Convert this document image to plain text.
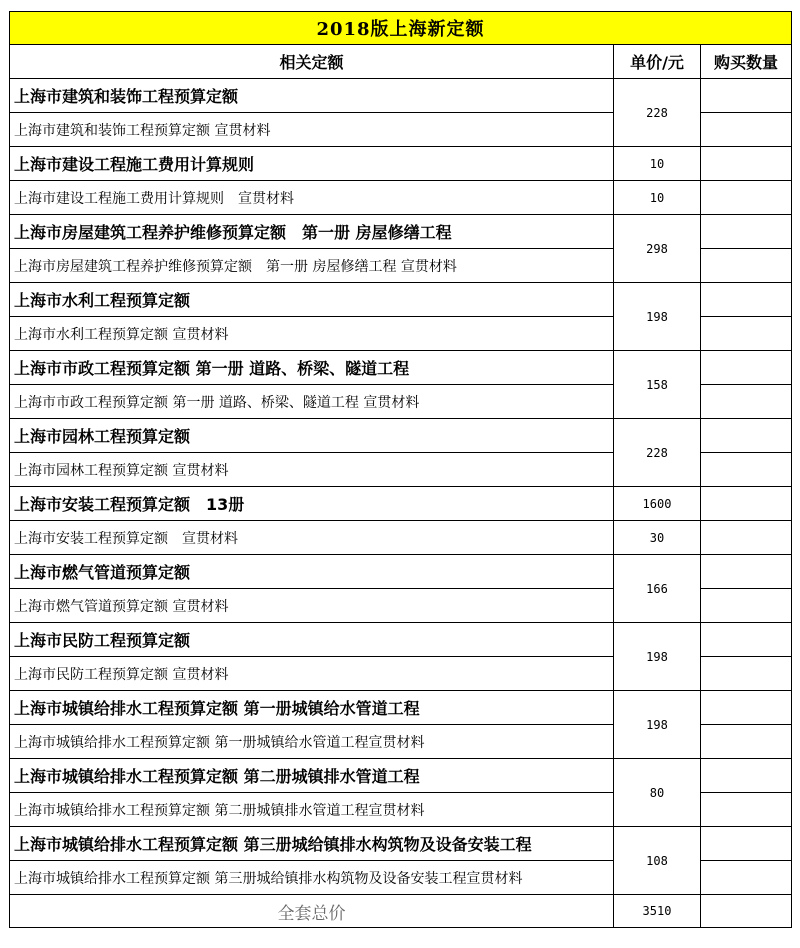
2018版上海新定额		
相关定额	单价/元	购买数量
上海市建筑和装饰工程预算定额	228	
上海市建筑和装饰工程预算定额 宣贯材料		
上海市建设工程施工费用计算规则	10	
上海市建设工程施工费用计算规则　宣贯材料	10	
上海市房屋建筑工程养护维修预算定额　第一册 房屋修缮工程	298	
上海市房屋建筑工程养护维修预算定额　第一册 房屋修缮工程 宣贯材料		
上海市水利工程预算定额	198	
上海市水利工程预算定额 宣贯材料		
上海市市政工程预算定额 第一册 道路、桥梁、隧道工程	158	
上海市市政工程预算定额 第一册 道路、桥梁、隧道工程 宣贯材料		
上海市园林工程预算定额	228	
上海市园林工程预算定额 宣贯材料		
上海市安装工程预算定额　13册	1600	
上海市安装工程预算定额　宣贯材料	30	
上海市燃气管道预算定额	166	
上海市燃气管道预算定额 宣贯材料		
上海市民防工程预算定额	198	
上海市民防工程预算定额 宣贯材料		
上海市城镇给排水工程预算定额 第一册城镇给水管道工程	198	
上海市城镇给排水工程预算定额 第一册城镇给水管道工程宣贯材料		
上海市城镇给排水工程预算定额 第二册城镇排水管道工程	80	
上海市城镇给排水工程预算定额 第二册城镇排水管道工程宣贯材料		
上海市城镇给排水工程预算定额 第三册城给镇排水构筑物及设备安装工程	108	
上海市城镇给排水工程预算定额 第三册城给镇排水构筑物及设备安装工程宣贯材料		
全套总价	3510	
